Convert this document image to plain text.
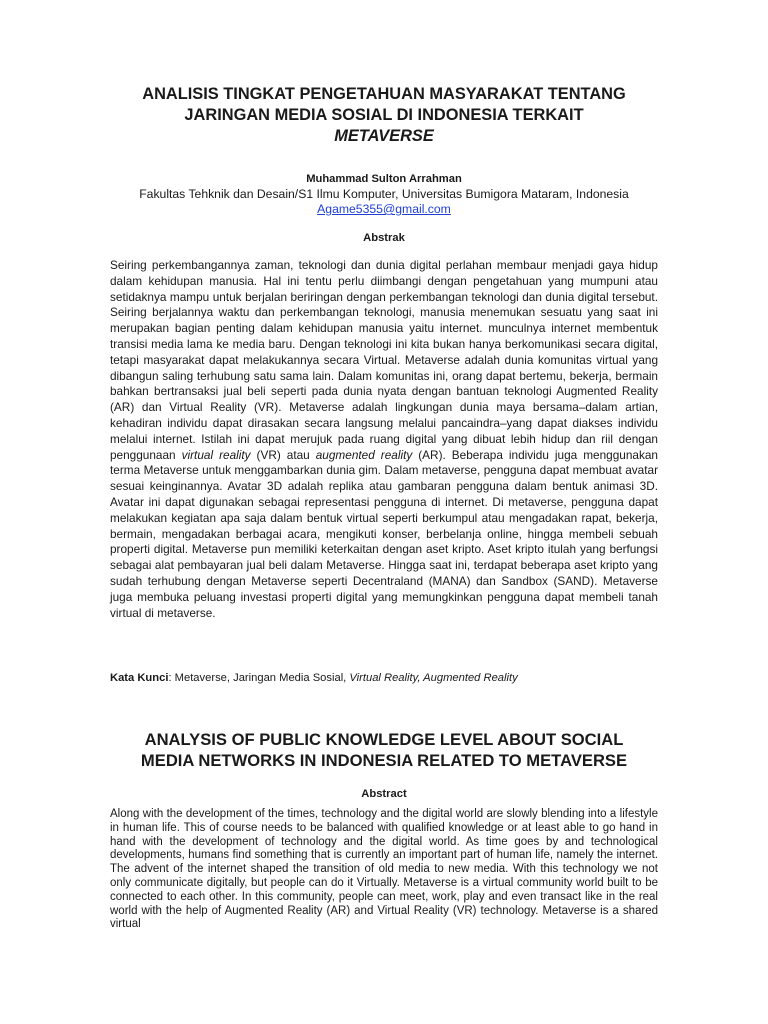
ANALISIS TINGKAT PENGETAHUAN MASYARAKAT TENTANG
JARINGAN MEDIA SOSIAL DI INDONESIA TERKAIT
METAVERSE
Muhammad Sulton Arrahman
Fakultas Tehknik dan Desain/S1 Ilmu Komputer, Universitas Bumigora Mataram, Indonesia
Agame5355@gmail.com
Abstrak

Seiring perkembangannya zaman, teknologi dan dunia digital perlahan membaur menjadi gaya hidup dalam kehidupan manusia. Hal ini tentu perlu diimbangi dengan pengetahuan yang mumpuni atau setidaknya mampu untuk berjalan beriringan dengan perkembangan teknologi dan dunia digital tersebut. Seiring berjalannya waktu dan perkembangan teknologi, manusia menemukan sesuatu yang saat ini merupakan bagian penting dalam kehidupan manusia yaitu internet. munculnya internet membentuk transisi media lama ke media baru. Dengan teknologi ini kita bukan hanya berkomunikasi secara digital, tetapi masyarakat dapat melakukannya secara Virtual. Metaverse adalah dunia komunitas virtual yang dibangun saling terhubung satu sama lain. Dalam komunitas ini, orang dapat bertemu, bekerja, bermain bahkan bertransaksi jual beli seperti pada dunia nyata dengan bantuan teknologi Augmented Reality (AR) dan Virtual Reality (VR). Metaverse adalah lingkungan dunia maya bersama–dalam artian, kehadiran individu dapat dirasakan secara langsung melalui pancaindra–yang dapat diakses individu melalui internet. Istilah ini dapat merujuk pada ruang digital yang dibuat lebih hidup dan riil dengan penggunaan virtual reality (VR) atau augmented reality (AR). Beberapa individu juga menggunakan terma Metaverse untuk menggambarkan dunia gim. Dalam metaverse, pengguna dapat membuat avatar sesuai keinginannya. Avatar 3D adalah replika atau gambaran pengguna dalam bentuk animasi 3D. Avatar ini dapat digunakan sebagai representasi pengguna di internet. Di metaverse, pengguna dapat melakukan kegiatan apa saja dalam bentuk virtual seperti berkumpul atau mengadakan rapat, bekerja, bermain, mengadakan berbagai acara, mengikuti konser, berbelanja online, hingga membeli sebuah properti digital. Metaverse pun memiliki keterkaitan dengan aset kripto. Aset kripto itulah yang berfungsi sebagai alat pembayaran jual beli dalam Metaverse. Hingga saat ini, terdapat beberapa aset kripto yang sudah terhubung dengan Metaverse seperti Decentraland (MANA) dan Sandbox (SAND). Metaverse juga membuka peluang investasi properti digital yang memungkinkan pengguna dapat membeli tanah virtual di metaverse.

Kata Kunci: Metaverse, Jaringan Media Sosial, Virtual Reality, Augmented Reality
ANALYSIS OF PUBLIC KNOWLEDGE LEVEL ABOUT SOCIAL
MEDIA NETWORKS IN INDONESIA RELATED TO METAVERSE
Abstract

Along with the development of the times, technology and the digital world are slowly blending into a lifestyle in human life. This of course needs to be balanced with qualified knowledge or at least able to go hand in hand with the development of technology and the digital world. As time goes by and technological developments, humans find something that is currently an important part of human life, namely the internet. The advent of the internet shaped the transition of old media to new media. With this technology we not only communicate digitally, but people can do it Virtually. Metaverse is a virtual community world built to be connected to each other. In this community, people can meet, work, play and even transact like in the real world with the help of Augmented Reality (AR) and Virtual Reality (VR) technology. Metaverse is a shared virtual
